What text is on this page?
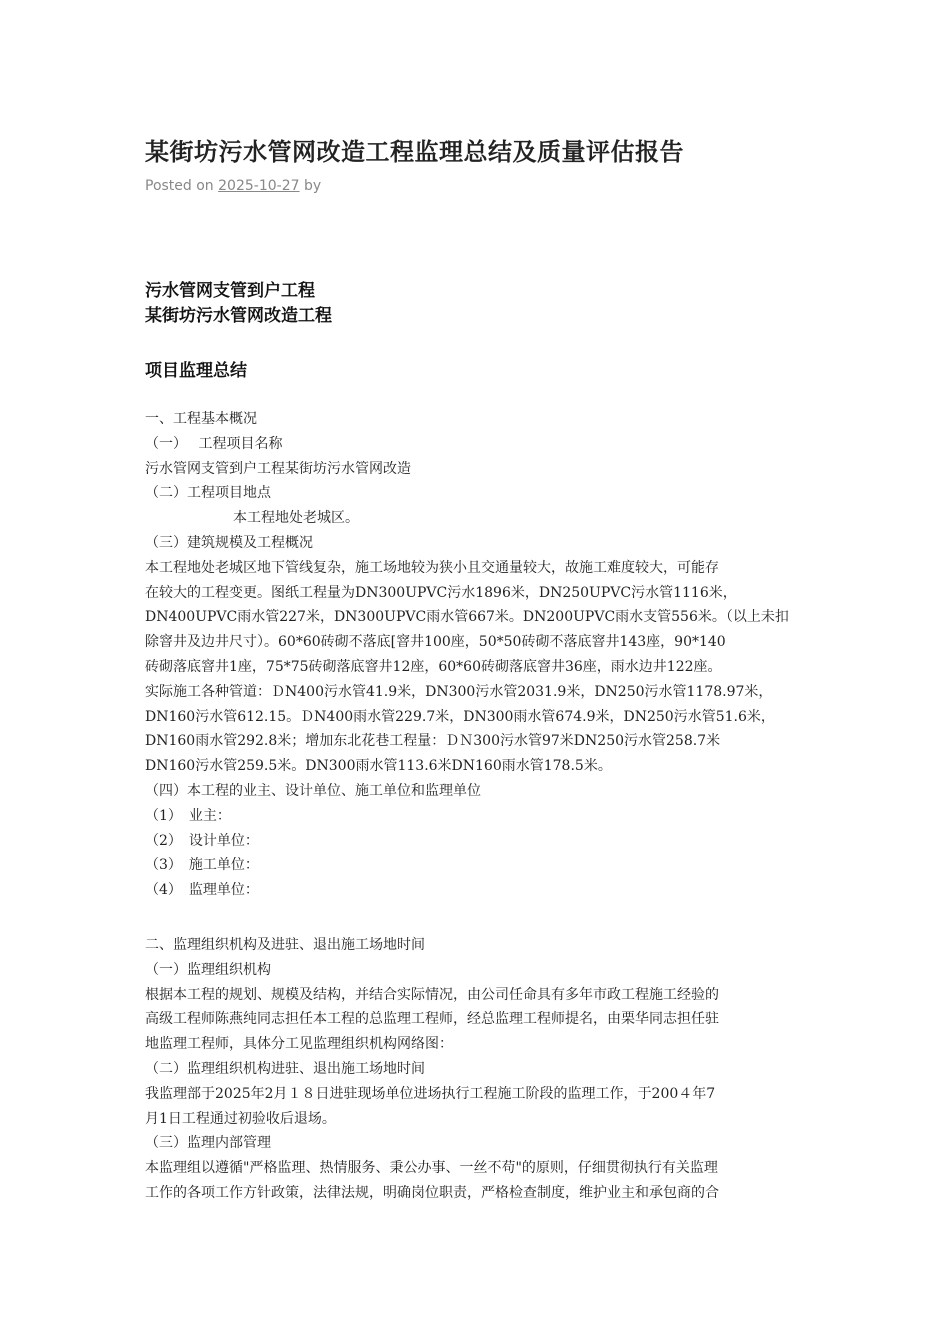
某街坊污水管网改造工程监理总结及质量评估报告
Posted on 2025-10-27 by
污水管网支管到户工程
某街坊污水管网改造工程
项目监理总结

一、工程基本概况

（一）　 工程项目名称

污水管网支管到户工程某街坊污水管网改造

（二）工程项目地点

本工程地处老城区。

（三）建筑规模及工程概况

本工程地处老城区地下管线复杂，施工场地较为狭小且交通量较大，故施工难度较大，可能存

在较大的工程变更。图纸工程量为DN300UPVC污水1896米，DN250UPVC污水管1116米，

DN400UPVC雨水管227米，DN300UPVC雨水管667米。DN200UPVC雨水支管556米。（以上未扣

除窨井及边井尺寸）。60*60砖砌不落底[窨井100座，50*50砖砌不落底窨井143座，90*140

砖砌落底窨井1座，75*75砖砌落底窨井12座，60*60砖砌落底窨井36座，雨水边井122座。

实际施工各种管道：ＤN400污水管41.9米，DN300污水管2031.9米，DN250污水管1178.97米，

DN160污水管612.15。ＤN400雨水管229.7米，DN300雨水管674.9米，DN250污水管51.6米，

DN160雨水管292.8米；增加东北花巷工程量：ＤＮ300污水管97米DN250污水管258.7米

DN160污水管259.5米。DN300雨水管113.6米DN160雨水管178.5米。

（四）本工程的业主、设计单位、施工单位和监理单位

（1）　业主：

（2）　设计单位：

（3）　施工单位：

（4）　监理单位：

二、监理组织机构及进驻、退出施工场地时间

（一）监理组织机构

根据本工程的规划、规模及结构，并结合实际情况，由公司任命具有多年市政工程施工经验的

高级工程师陈燕纯同志担任本工程的总监理工程师，经总监理工程师提名，由栗华同志担任驻

地监理工程师，具体分工见监理组织机构网络图：

（二）监理组织机构进驻、退出施工场地时间

我监理部于2025年2月１８日进驻现场单位进场执行工程施工阶段的监理工作，于200４年7

月1日工程通过初验收后退场。

（三）监理内部管理

本监理组以遵循"严格监理、热情服务、秉公办事、一丝不苟"的原则，仔细贯彻执行有关监理

工作的各项工作方针政策，法律法规，明确岗位职责，严格检查制度，维护业主和承包商的合
